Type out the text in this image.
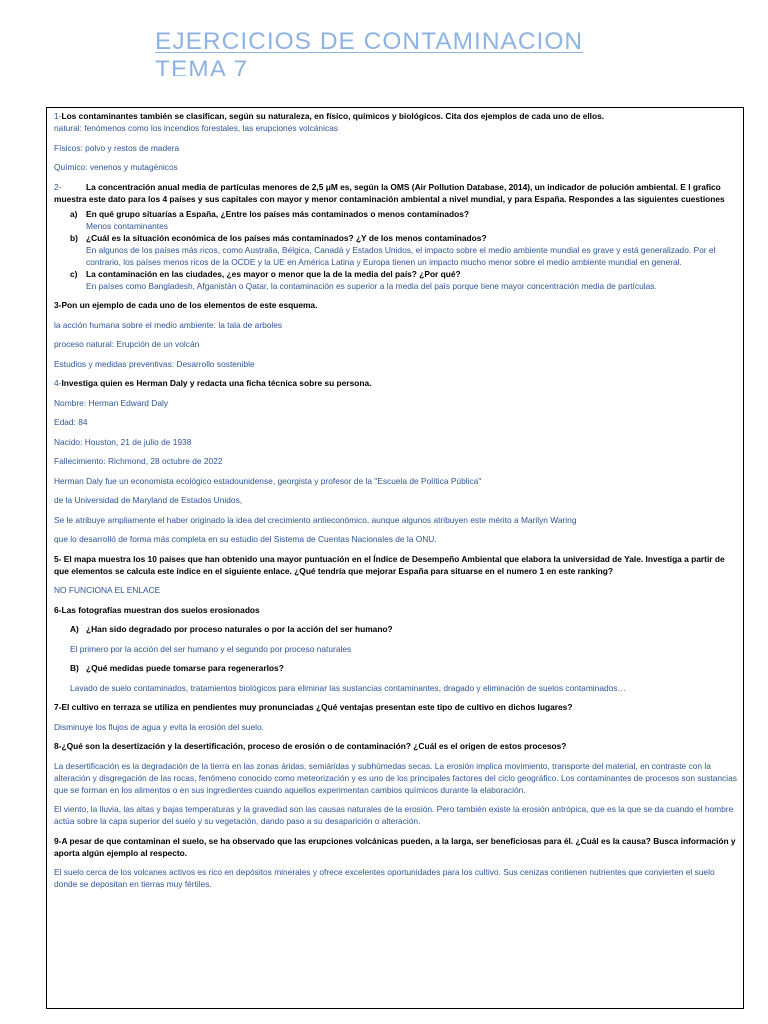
EJERCICIOS DE CONTAMINACION
TEMA 7
1-Los contaminantes también se clasifican, según su naturaleza, en físico, químicos y biológicos. Cita dos ejemplos de cada uno de ellos.
natural: fenómenos como los incendios forestales, las erupciones volcánicas
Físicos: polvo y restos de madera
Químico: venenos y mutagénicos
2-	La concentración anual media de partículas menores de 2,5 μM es, según la OMS (Air Pollution Database, 2014), un indicador de polución ambiental. E l grafico muestra este dato para los 4 países y sus capitales con mayor y menor contaminación ambiental a nivel mundial, y para España. Respondes a las siguientes cuestiones
a)	En qué grupo situarías a España, ¿Entre los países más contaminados o menos contaminados?
Menos contaminantes
b) ¿Cuál es la situación económica de los países más contaminados? ¿Y de los menos contaminados?
En algunos de los países más ricos, como Australia, Bélgica, Canadá y Estados Unidos, el impacto sobre el medio ambiente mundial es grave y está generalizado. Por el contrario, los países menos ricos de la OCDE y la UE en América Latina y Europa tienen un impacto mucho menor sobre el medio ambiente mundial en general.
c)	La contaminación en las ciudades, ¿es mayor o menor que la de la media del país? ¿Por qué?
En países como Bangladesh, Afganistán o Qatar, la contaminación es superior a la media del país porque tiene mayor concentración media de partículas.
3-Pon un ejemplo de cada uno de los elementos de este esquema.
la acción humana sobre el medio ambiente: la tala de arboles
proceso natural: Erupción de un volcán
Estudios y medidas preventivas: Desarrollo sostenible
4-Investiga quien es Herman Daly y redacta una ficha técnica sobre su persona.
Nombre: Herman Edward Daly
Edad: 84
Nacido: Houston, 21 de julio de 1938
Fallecimiento: Richmond, 28 octubre de 2022
Herman Daly fue un economista ecológico estadounidense, georgista y profesor de la "Escuela de Política Pública"
de la Universidad de Maryland de Estados Unidos,
Se le atribuye ampliamente el haber originado la idea del crecimiento antieconómico, aunque algunos atribuyen este mérito a Marilyn Waring
que lo desarrolló de forma más completa en su estudio del Sistema de Cuentas Nacionales de la ONU.
5- El mapa muestra los 10 países que han obtenido una mayor puntuación en el Índice de Desempeño Ambiental que elabora la universidad de Yale. Investiga a partir de que elementos se calcula este índice en el siguiente enlace. ¿Qué tendría que mejorar España para situarse en el numero 1 en este ranking?
NO FUNCIONA EL ENLACE
6-Las fotografías muestran dos suelos erosionados
A) ¿Han sido degradado por proceso naturales o por la acción del ser humano?
El primero por la acción del ser humano y el segundo por proceso naturales
B) ¿Qué medidas puede tomarse para regenerarlos?
Lavado de suelo contaminados, tratamientos biológicos para eliminar las sustancias contaminantes, dragado y eliminación de suelos contaminados…
7-El cultivo en terraza se utiliza en pendientes muy pronunciadas ¿Qué ventajas presentan este tipo de cultivo en dichos lugares?
Disminuye los flujos de agua y evita la erosión del suelo.
8-¿Qué son la desertización y la desertificación, proceso de erosión o de contaminación? ¿Cuál es el origen de estos procesos?
La desertificación es la degradación de la tierra en las zonas áridas, semiáridas y subhúmedas secas. La erosión implica movimiento, transporte del material, en contraste con la alteración y disgregación de las rocas, fenómeno conocido como meteorización y es uno de los principales factores del ciclo geográfico. Los contaminantes de procesos son sustancias que se forman en los alimentos o en sus ingredientes cuando aquellos experimentan cambios químicos durante la elaboración.
El viento, la lluvia, las altas y bajas temperaturas y la gravedad son las causas naturales de la erosión. Pero también existe la erosión antrópica, que es la que se da cuando el hombre actúa sobre la capa superior del suelo y su vegetación, dando paso a su desaparición o alteración.
9-A pesar de que contaminan el suelo, se ha observado que las erupciones volcánicas pueden, a la larga, ser beneficiosas para él. ¿Cuál es la causa? Busca información y aporta algún ejemplo al respecto.
El suelo cerca de los volcanes activos es rico en depósitos minerales y ofrece excelentes oportunidades para los cultivo. Sus cenizas contienen nutrientes que convierten el suelo donde se depositan en tierras muy fértiles.
